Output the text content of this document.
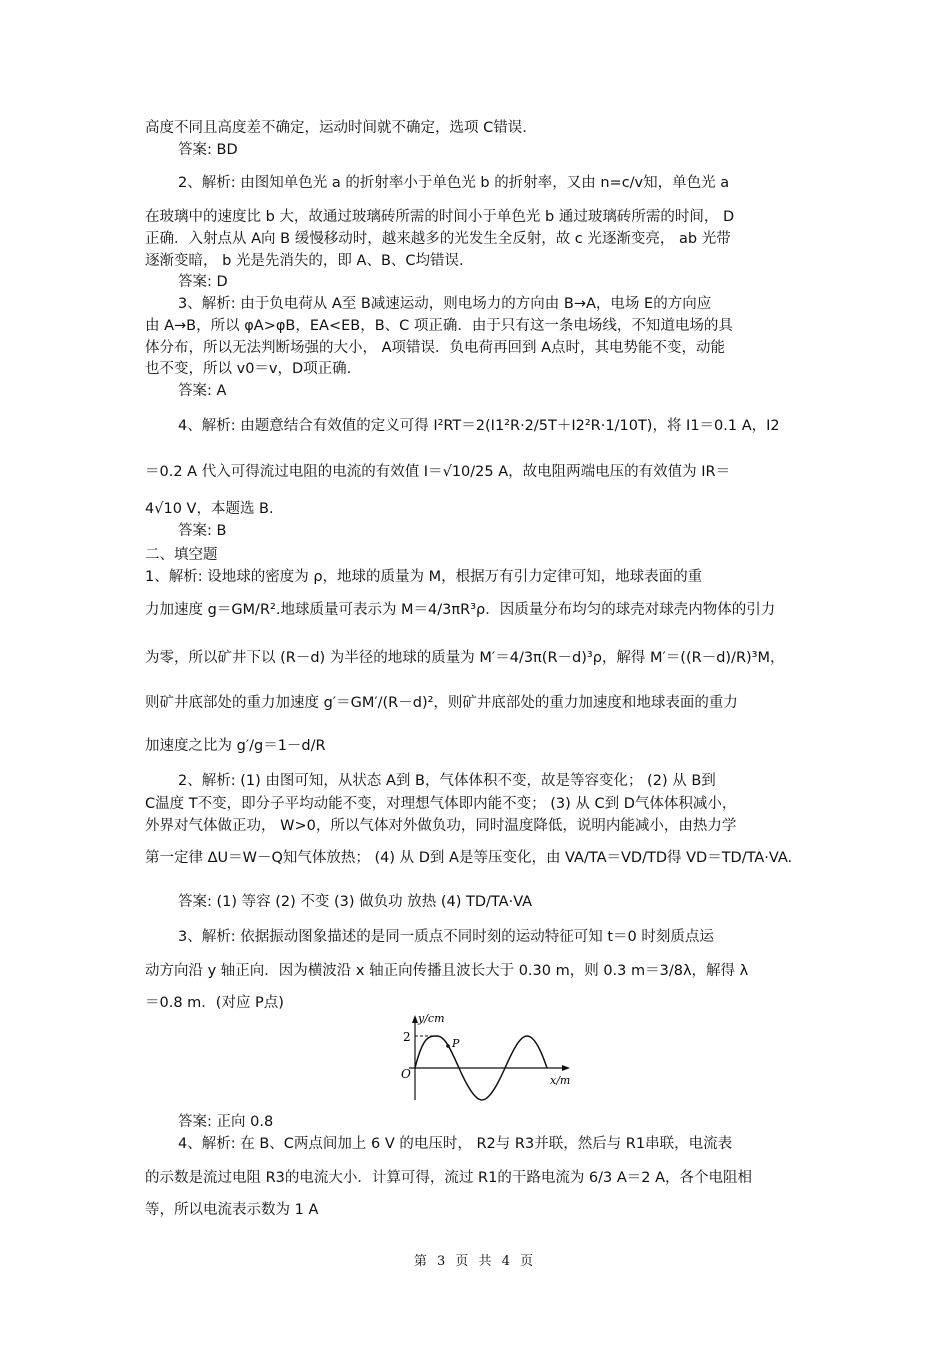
高度不同且高度差不确定，运动时间就不确定，选项 C错误.
答案: BD
2、解析: 由图知单色光 a 的折射率小于单色光 b 的折射率，又由 n=c/v知，单色光 a
在玻璃中的速度比 b 大，故通过玻璃砖所需的时间小于单色光 b 通过玻璃砖所需的时间， D
正确．入射点从 A向 B 缓慢移动时，越来越多的光发生全反射，故 c 光逐渐变亮， ab 光带
逐渐变暗， b 光是先消失的，即 A、B、C均错误.
答案: D
3、解析: 由于负电荷从 A至 B减速运动，则电场力的方向由 B→A，电场 E的方向应
由 A→B，所以 φA>φB，EA<EB，B、C 项正确．由于只有这一条电场线，不知道电场的具
体分布，所以无法判断场强的大小， A项错误．负电荷再回到 A点时，其电势能不变，动能
也不变，所以 v0＝v，D项正确.
答案: A
4、解析: 由题意结合有效值的定义可得 I²RT＝2(I1²R·2/5T＋I2²R·1/10T)，将 I1＝0.1 A，I2
＝0.2 A 代入可得流过电阻的电流的有效值 I＝√10/25 A，故电阻两端电压的有效值为 IR＝
4√10 V，本题选 B.
答案: B
二、填空题
1、解析: 设地球的密度为 ρ，地球的质量为 M，根据万有引力定律可知，地球表面的重
力加速度 g＝GM/R².地球质量可表示为 M＝4/3πR³ρ．因质量分布均匀的球壳对球壳内物体的引力
为零，所以矿井下以 (R－d) 为半径的地球的质量为 M′＝4/3π(R－d)³ρ，解得 M′＝((R－d)/R)³M，
则矿井底部处的重力加速度 g′＝GM′/(R－d)²，则矿井底部处的重力加速度和地球表面的重力
加速度之比为 g′/g＝1－d/R
2、解析: (1) 由图可知，从状态 A到 B，气体体积不变，故是等容变化； (2) 从 B到
C温度 T不变，即分子平均动能不变，对理想气体即内能不变； (3) 从 C到 D气体体积减小，
外界对气体做正功， W>0，所以气体对外做负功，同时温度降低，说明内能减小，由热力学
第一定律 ΔU＝W－Q知气体放热； (4) 从 D到 A是等压变化，由 VA/TA＝VD/TD得 VD＝TD/TA·VA.
答案: (1) 等容 (2) 不变 (3) 做负功 放热 (4) TD/TA·VA
3、解析: 依据振动图象描述的是同一质点不同时刻的运动特征可知 t＝0 时刻质点运
动方向沿 y 轴正向．因为横波沿 x 轴正向传播且波长大于 0.30 m，则 0.3 m＝3/8λ，解得 λ
＝0.8 m．(对应 P点)
y/cm
x/m
O
2	P
答案: 正向 0.8
4、解析: 在 B、C两点间加上 6 V 的电压时， R2与 R3并联，然后与 R1串联，电流表
的示数是流过电阻 R3的电流大小．计算可得，流过 R1的干路电流为 6/3 A＝2 A，各个电阻相
等，所以电流表示数为 1 A
第 3 页 共 4 页
